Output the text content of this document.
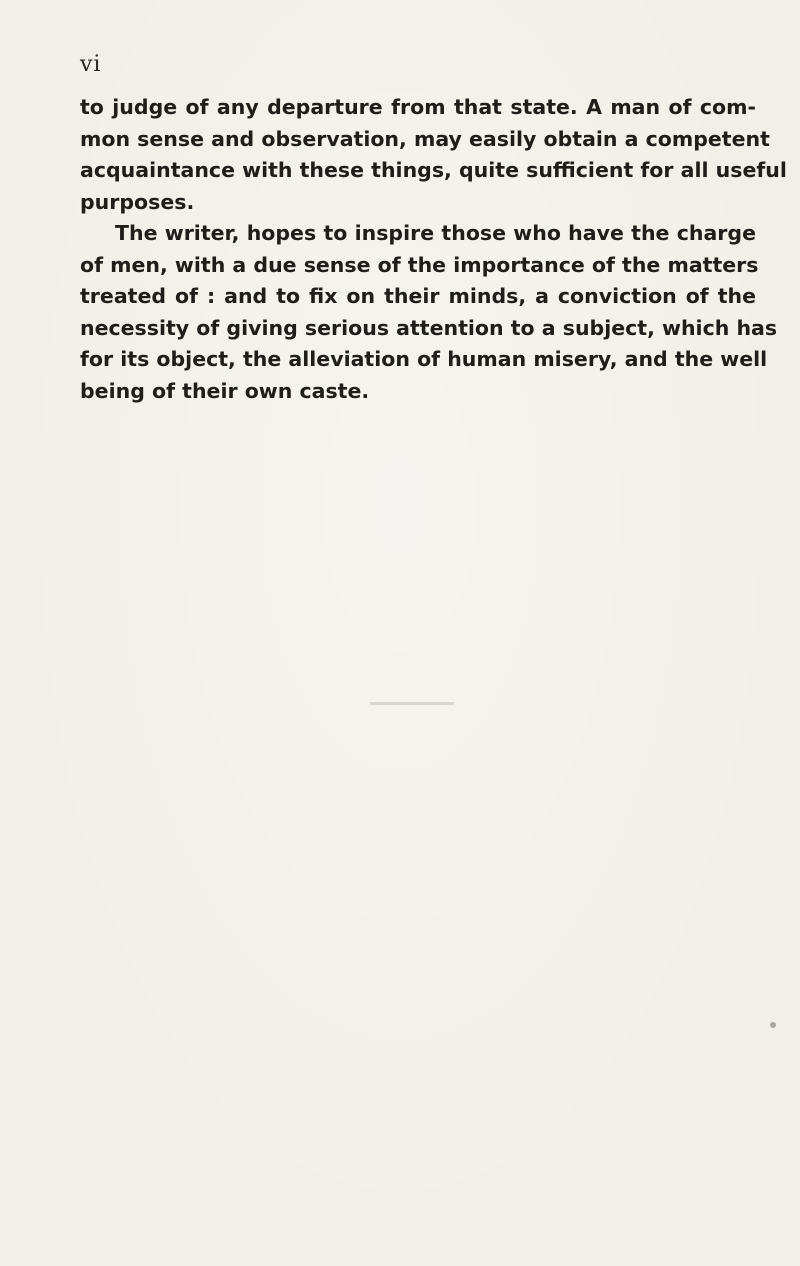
vi
to judge of any departure from that state. A man of com-
mon sense and observation, may easily obtain a competent
acquaintance with these things, quite sufficient for all useful
purposes.
The writer, hopes to inspire those who have the charge
of men, with a due sense of the importance of the matters
treated of : and to fix on their minds, a conviction of the
necessity of giving serious attention to a subject, which has
for its object, the alleviation of human misery, and the well
being of their own caste.
